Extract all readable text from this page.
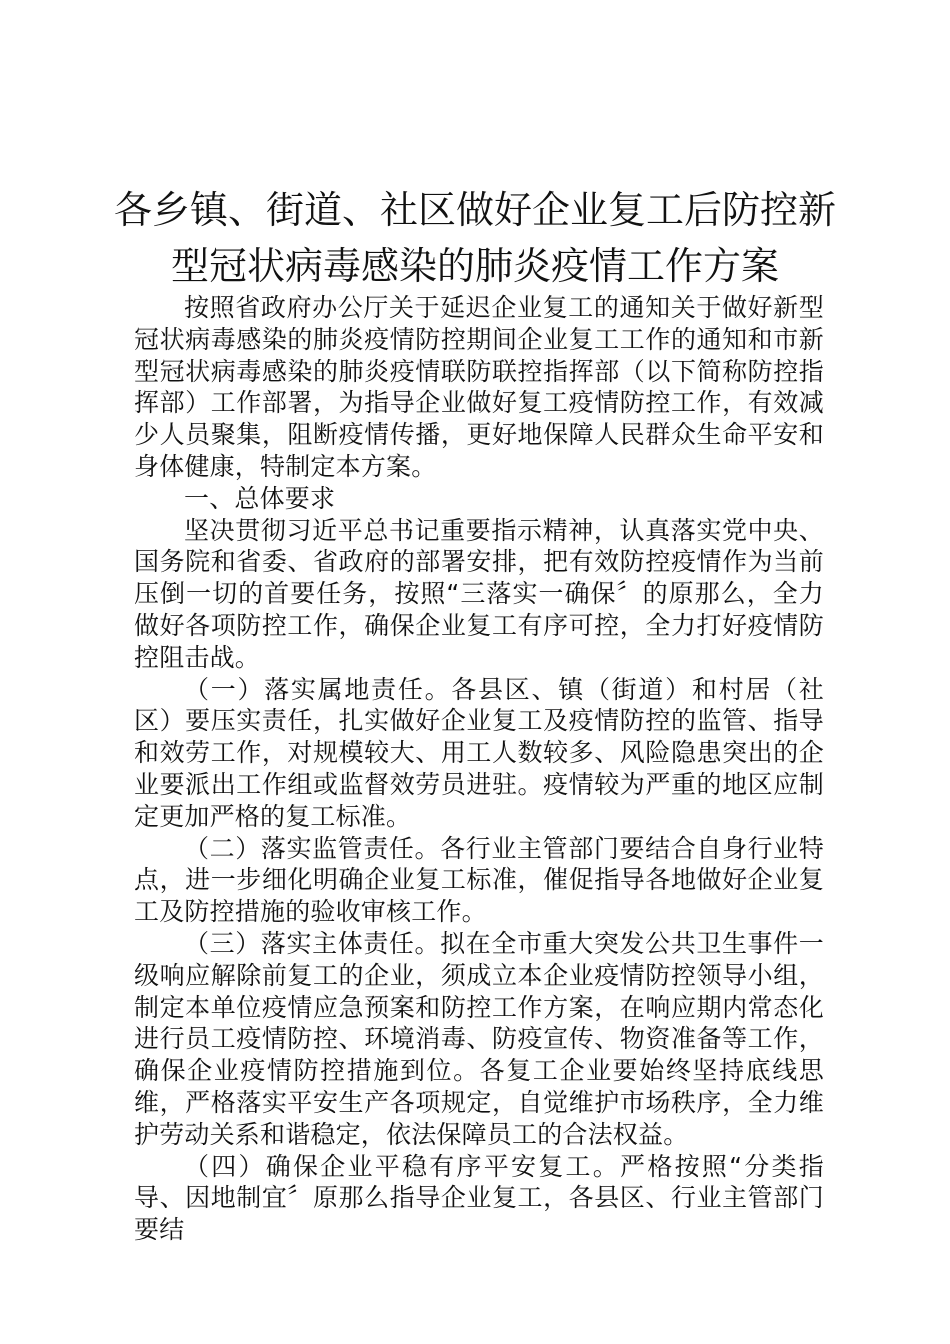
各乡镇、街道、社区做好企业复工后防控新
型冠状病毒感染的肺炎疫情工作方案

按照省政府办公厅关于延迟企业复工的通知关于做好新型冠状病毒感染的肺炎疫情防控期间企业复工工作的通知和市新型冠状病毒感染的肺炎疫情联防联控指挥部（以下简称防控指挥部）工作部署，为指导企业做好复工疫情防控工作，有效减少人员聚集，阻断疫情传播，更好地保障人民群众生命平安和身体健康，特制定本方案。

一、总体要求

坚决贯彻习近平总书记重要指示精神，认真落实党中央、国务院和省委、省政府的部署安排，把有效防控疫情作为当前压倒一切的首要任务，按照“三落实一确保〞的原那么，全力做好各项防控工作，确保企业复工有序可控，全力打好疫情防控阻击战。

（一）落实属地责任。各县区、镇（街道）和村居（社区）要压实责任，扎实做好企业复工及疫情防控的监管、指导和效劳工作，对规模较大、用工人数较多、风险隐患突出的企业要派出工作组或监督效劳员进驻。疫情较为严重的地区应制定更加严格的复工标准。

（二）落实监管责任。各行业主管部门要结合自身行业特点，进一步细化明确企业复工标准，催促指导各地做好企业复工及防控措施的验收审核工作。

（三）落实主体责任。拟在全市重大突发公共卫生事件一级响应解除前复工的企业，须成立本企业疫情防控领导小组，制定本单位疫情应急预案和防控工作方案，在响应期内常态化进行员工疫情防控、环境消毒、防疫宣传、物资准备等工作，确保企业疫情防控措施到位。各复工企业要始终坚持底线思维，严格落实平安生产各项规定，自觉维护市场秩序，全力维护劳动关系和谐稳定，依法保障员工的合法权益。

（四）确保企业平稳有序平安复工。严格按照“分类指导、因地制宜〞原那么指导企业复工，各县区、行业主管部门要结
